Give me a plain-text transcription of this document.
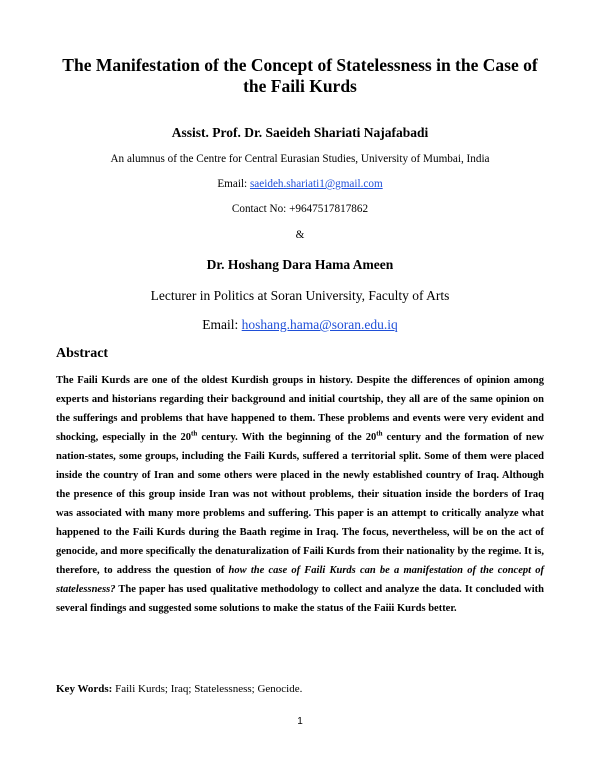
The Manifestation of the Concept of Statelessness in the Case of the Faili Kurds
Assist. Prof. Dr. Saeideh Shariati Najafabadi
An alumnus of the Centre for Central Eurasian Studies, University of Mumbai, India
Email: saeideh.shariati1@gmail.com
Contact No: +9647517817862
&
Dr. Hoshang Dara Hama Ameen
Lecturer in Politics at Soran University, Faculty of Arts
Email: hoshang.hama@soran.edu.iq
Abstract
The Faili Kurds are one of the oldest Kurdish groups in history. Despite the differences of opinion among experts and historians regarding their background and initial courtship, they all are of the same opinion on the sufferings and problems that have happened to them. These problems and events were very evident and shocking, especially in the 20th century. With the beginning of the 20th century and the formation of new nation-states, some groups, including the Faili Kurds, suffered a territorial split. Some of them were placed inside the country of Iran and some others were placed in the newly established country of Iraq. Although the presence of this group inside Iran was not without problems, their situation inside the borders of Iraq was associated with many more problems and suffering. This paper is an attempt to critically analyze what happened to the Faili Kurds during the Baath regime in Iraq. The focus, nevertheless, will be on the act of genocide, and more specifically the denaturalization of Faili Kurds from their nationality by the regime. It is, therefore, to address the question of how the case of Faili Kurds can be a manifestation of the concept of statelessness? The paper has used qualitative methodology to collect and analyze the data. It concluded with several findings and suggested some solutions to make the status of the Faiii Kurds better.
Key Words: Faili Kurds; Iraq; Statelessness; Genocide.
1
